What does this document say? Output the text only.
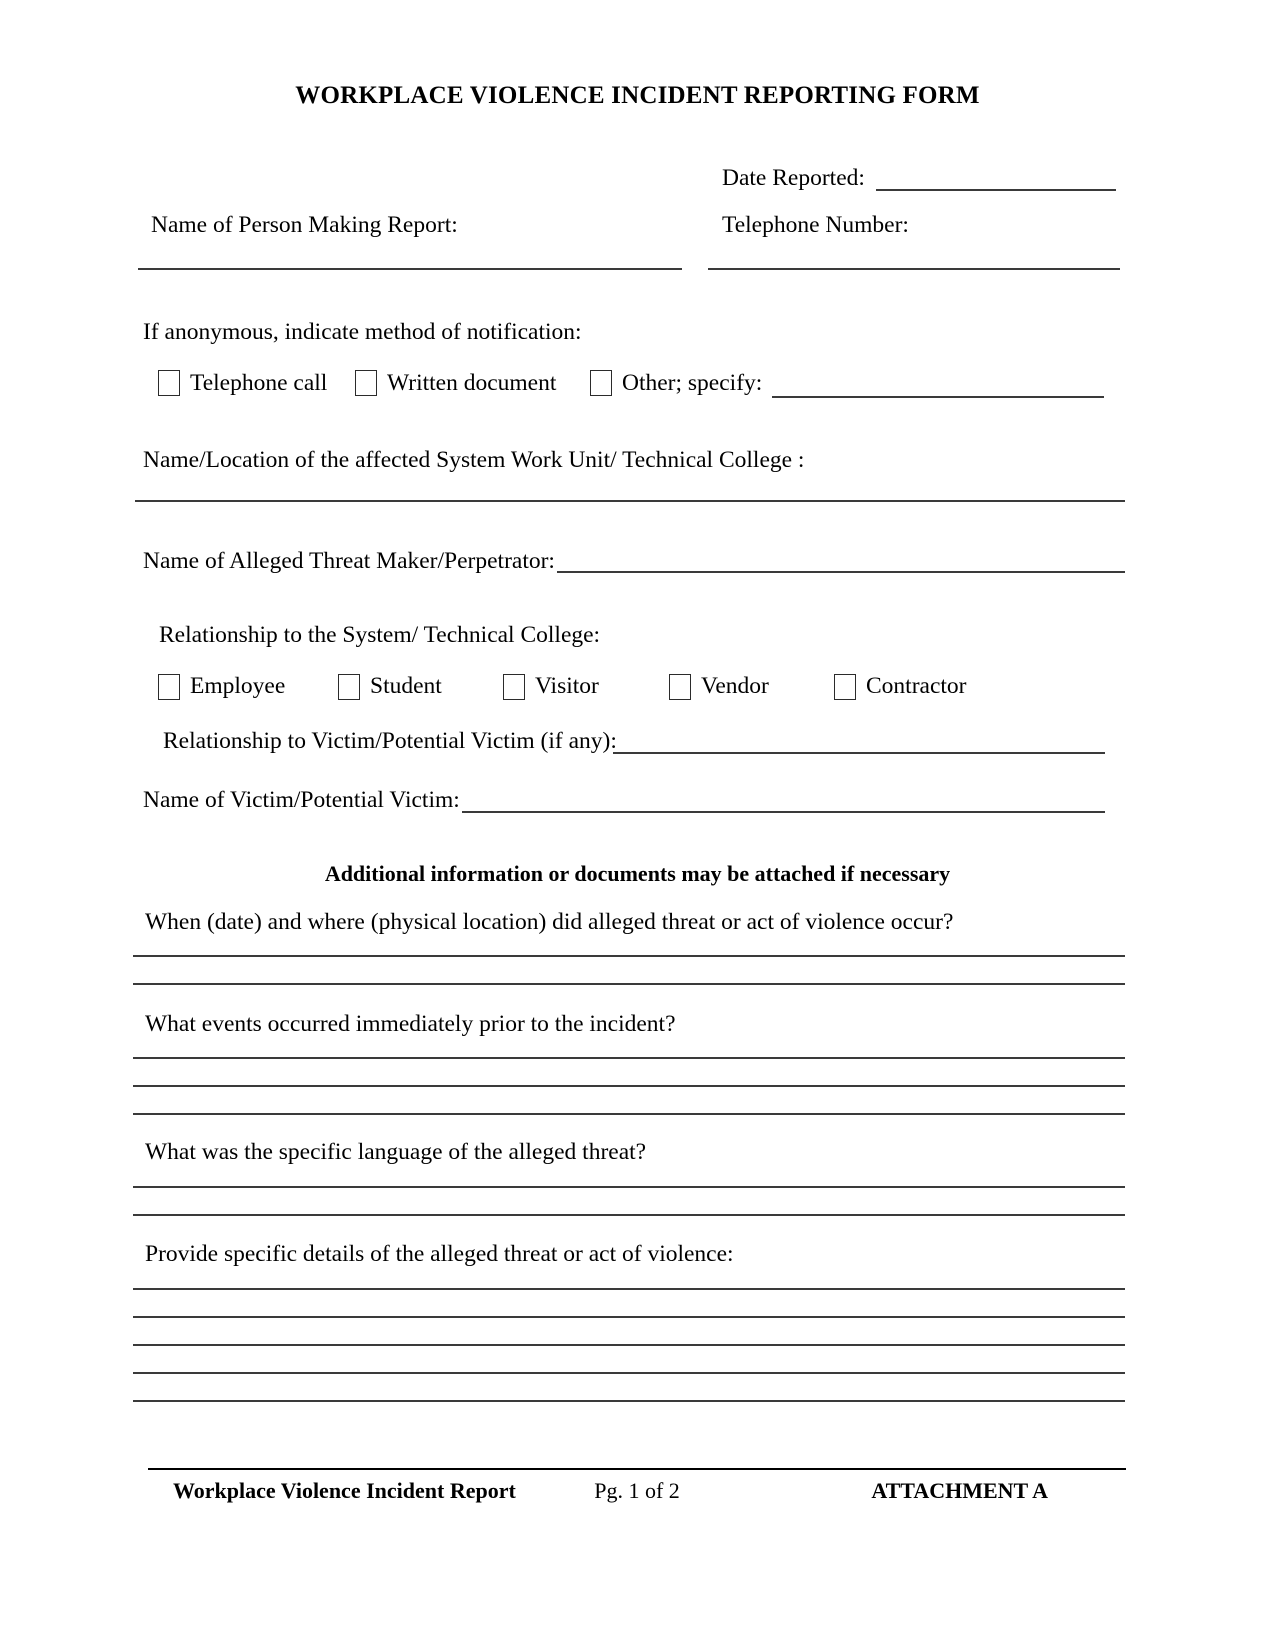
WORKPLACE VIOLENCE INCIDENT REPORTING FORM
Date Reported:
Name of Person Making Report:	Telephone Number:
If anonymous, indicate method of notification:
Telephone call	Written document	Other; specify:
Name/Location of the affected System Work Unit/ Technical College :
Name of Alleged Threat Maker/Perpetrator:
Relationship to the System/ Technical College:
Employee	Student	Visitor	Vendor	Contractor
Relationship to Victim/Potential Victim (if any):
Name of Victim/Potential Victim:
Additional information or documents may be attached if necessary
When (date) and where (physical location) did alleged threat or act of violence occur?
What events occurred immediately prior to the incident?
What was the specific language of the alleged threat?
Provide specific details of the alleged threat or act of violence:
Workplace Violence Incident Report	Pg. 1 of 2	ATTACHMENT A
